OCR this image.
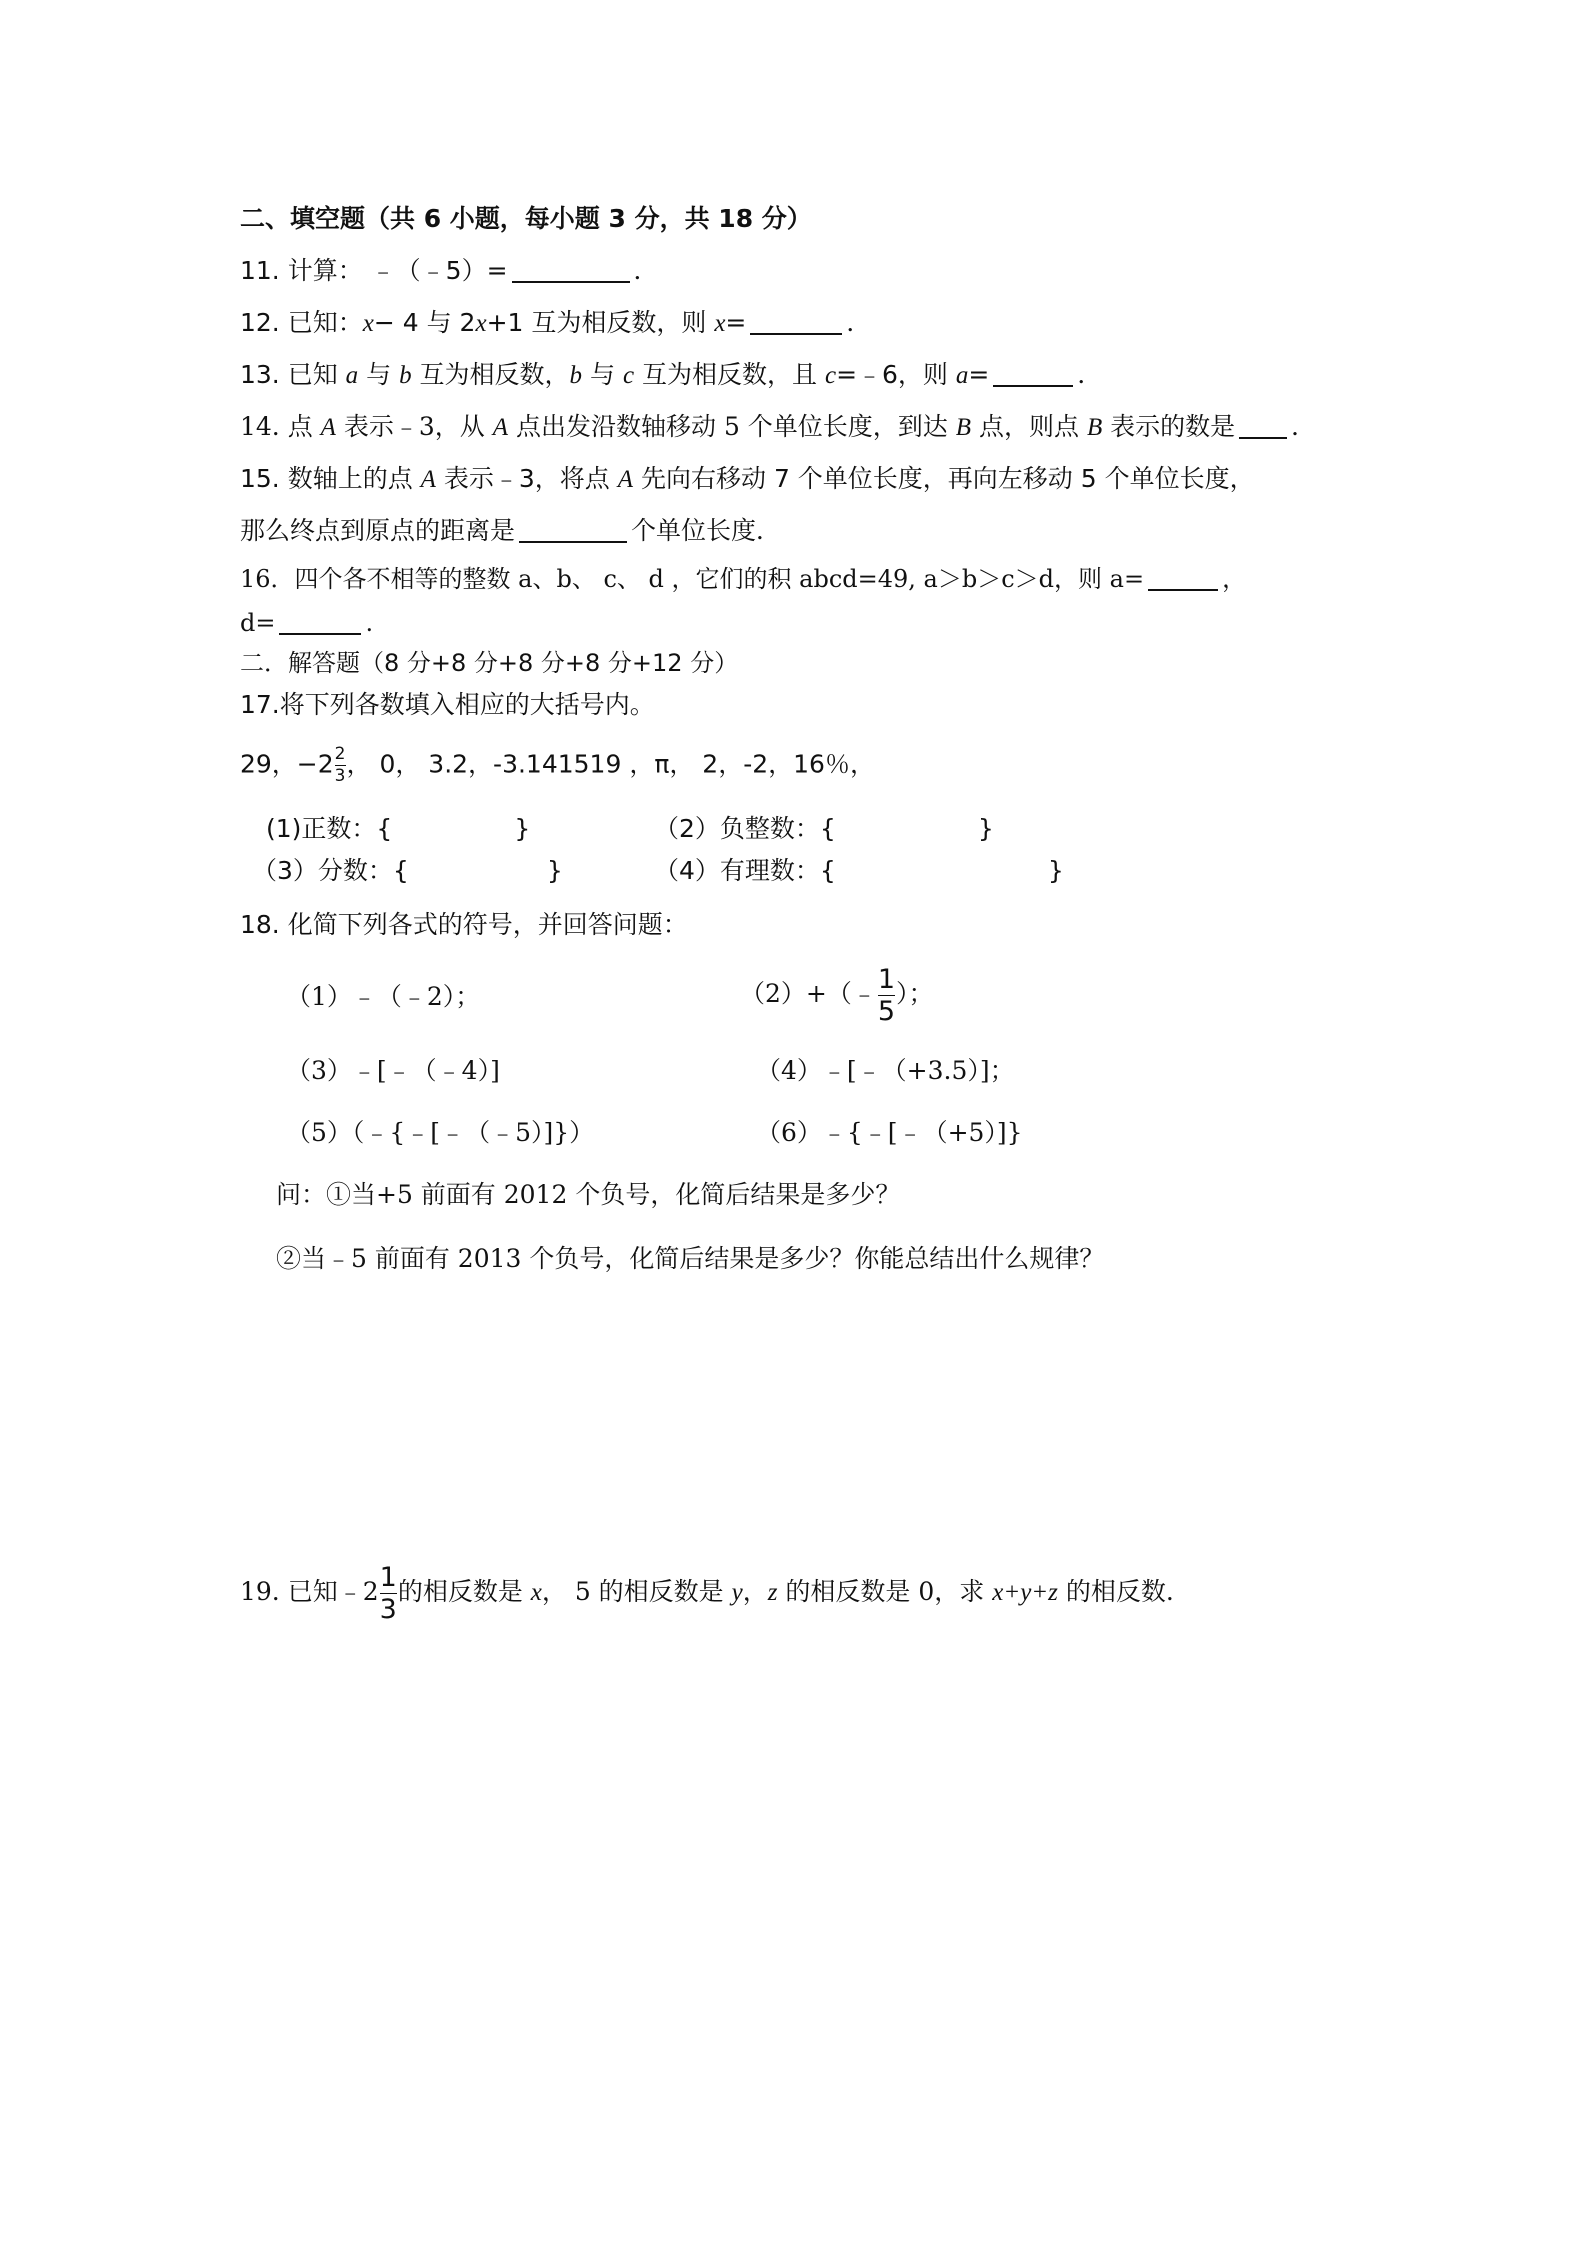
二、填空题（共 6 小题，每小题 3 分，共 18 分）
11. 计算： ﹣（﹣5）=	．
12. 已知：x− 4 与 2x+1 互为相反数，则 x=	．
13. 已知 a 与 b 互为相反数，b 与 c 互为相反数，且 c=﹣6，则 a=	．
14. 点 A 表示﹣3，从 A 点出发沿数轴移动 5 个单位长度，到达 B 点，则点 B 表示的数是 ．
15. 数轴上的点 A 表示﹣3，将点 A 先向右移动 7 个单位长度，再向左移动 5 个单位长度，
那么终点到原点的距离是	个单位长度．
16．四个各不相等的整数 a、b、 c、 d ，它们的积 abcd=49, a＞b＞c＞d，则 a=	，
d=	.
二．解答题（8 分+8 分+8 分+8 分+12 分）
17.将下列各数填入相应的大括号内。
29，$-2 \frac{2}{3}$ ， 0， 3.2，-3.141519 ，π， 2，-2，16％，
(1)正数：{	}	（2）负整数：{	}
（3）分数：{	}	（4）有理数：{	}
18. 化简下列各式的符号，并回答问题：
（1）﹣（﹣2）；	（2）+（﹣ $\frac{1}{5}$ ）；
（3）﹣[﹣（﹣4）]	（4）﹣[﹣（+3.5）]；
（5）（﹣{﹣[﹣（﹣5）]}）	（6）﹣{﹣[﹣（+5）]}
问：①当+5 前面有 2012 个负号，化简后结果是多少？
②当﹣5 前面有 2013 个负号，化简后结果是多少？你能总结出什么规律？
19. 已知﹣2 $\frac{1}{3}$ 的相反数是 x， 5 的相反数是 y，z 的相反数是 0，求 x+y+z 的相反数.
